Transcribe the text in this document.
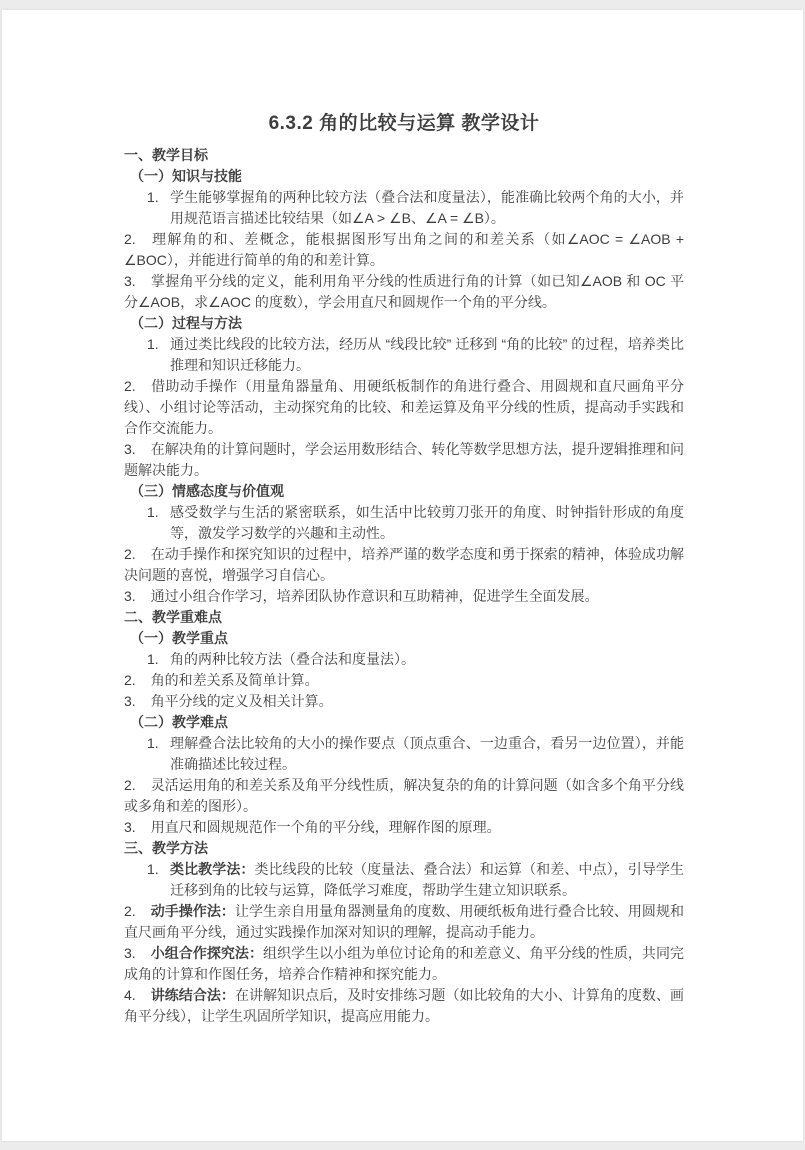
6.3.2 角的比较与运算 教学设计
一、教学目标
（一）知识与技能
1. 学生能够掌握角的两种比较方法（叠合法和度量法），能准确比较两个角的大小，并用规范语言描述比较结果（如∠A > ∠B、∠A = ∠B）。
2. 理解角的和、差概念，能根据图形写出角之间的和差关系（如∠AOC = ∠AOB + ∠BOC），并能进行简单的角的和差计算。
3. 掌握角平分线的定义，能利用角平分线的性质进行角的计算（如已知∠AOB 和 OC 平分∠AOB，求∠AOC 的度数），学会用直尺和圆规作一个角的平分线。
（二）过程与方法
1. 通过类比线段的比较方法，经历从 “线段比较” 迁移到 “角的比较” 的过程，培养类比推理和知识迁移能力。
2. 借助动手操作（用量角器量角、用硬纸板制作的角进行叠合、用圆规和直尺画角平分线）、小组讨论等活动，主动探究角的比较、和差运算及角平分线的性质，提高动手实践和合作交流能力。
3. 在解决角的计算问题时，学会运用数形结合、转化等数学思想方法，提升逻辑推理和问题解决能力。
（三）情感态度与价值观
1. 感受数学与生活的紧密联系，如生活中比较剪刀张开的角度、时钟指针形成的角度等，激发学习数学的兴趣和主动性。
2. 在动手操作和探究知识的过程中，培养严谨的数学态度和勇于探索的精神，体验成功解决问题的喜悦，增强学习自信心。
3. 通过小组合作学习，培养团队协作意识和互助精神，促进学生全面发展。
二、教学重难点
（一）教学重点
1. 角的两种比较方法（叠合法和度量法）。
2. 角的和差关系及简单计算。
3. 角平分线的定义及相关计算。
（二）教学难点
1. 理解叠合法比较角的大小的操作要点（顶点重合、一边重合，看另一边位置），并能准确描述比较过程。
2. 灵活运用角的和差关系及角平分线性质，解决复杂的角的计算问题（如含多个角平分线或多角和差的图形）。
3. 用直尺和圆规规范作一个角的平分线，理解作图的原理。
三、教学方法
1. 类比教学法：类比线段的比较（度量法、叠合法）和运算（和差、中点），引导学生迁移到角的比较与运算，降低学习难度，帮助学生建立知识联系。
2. 动手操作法：让学生亲自用量角器测量角的度数、用硬纸板角进行叠合比较、用圆规和直尺画角平分线，通过实践操作加深对知识的理解，提高动手能力。
3. 小组合作探究法：组织学生以小组为单位讨论角的和差意义、角平分线的性质，共同完成角的计算和作图任务，培养合作精神和探究能力。
4. 讲练结合法：在讲解知识点后，及时安排练习题（如比较角的大小、计算角的度数、画角平分线），让学生巩固所学知识，提高应用能力。
